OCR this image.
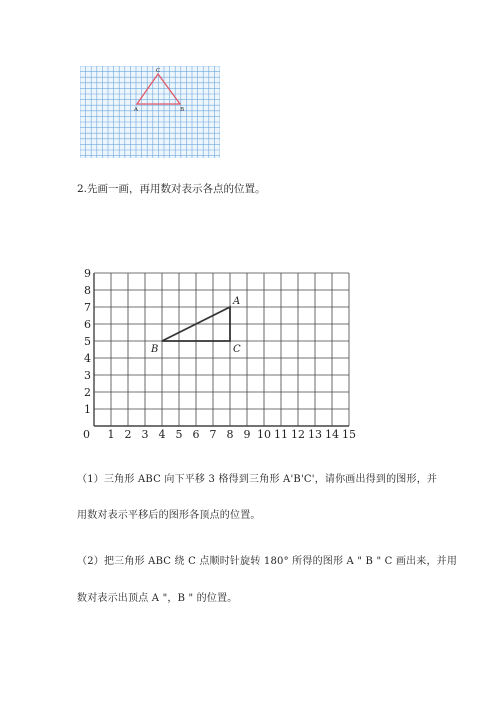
A	B
C
2.先画一画，再用数对表示各点的位置。
0 1 2 3 4 5 6 7 8 9 10 11 12 13 14 15
1
2
3
4
5
6
7
8
9
A
B	C
（1）三角形 ABC 向下平移 3 格得到三角形 A'B'C'，请你画出得到的图形，并
用数对表示平移后的图形各顶点的位置。
（2）把三角形 ABC 绕 C 点顺时针旋转 180° 所得的图形 A " B " C 画出来，并用
数对表示出顶点 A "，B " 的位置。
